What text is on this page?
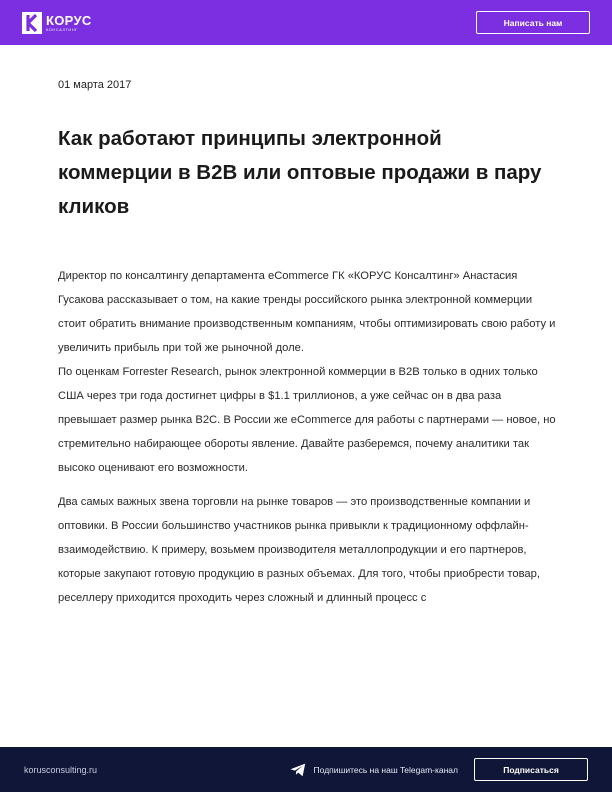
КОРУС
КОНСАЛТИНГ
Написать нам
01 марта 2017
Как работают принципы электронной коммерции в B2B или оптовые продажи в пару кликов

Директор по консалтингу департамента eCommerce ГК «КОРУС Консалтинг» Анастасия Гусакова рассказывает о том, на какие тренды российского рынка электронной коммерции стоит обратить внимание производственным компаниям, чтобы оптимизировать свою работу и увеличить прибыль при той же рыночной доле.

По оценкам Forrester Research, рынок электронной коммерции в B2B только в одних только США через три года достигнет цифры в $1.1 триллионов, а уже сейчас он в два раза превышает размер рынка B2C. В России же eCommerce для работы с партнерами — новое, но стремительно набирающее обороты явление. Давайте разберемся, почему аналитики так высоко оценивают его возможности.

Два самых важных звена торговли на рынке товаров — это производственные компании и оптовики. В России большинство участников рынка привыкли к традиционному оффлайн-взаимодействию. К примеру, возьмем производителя металлопродукции и его партнеров, которые закупают готовую продукцию в разных объемах. Для того, чтобы приобрести товар, реселлеру приходится проходить через сложный и длинный процесс с

korusconsulting.ru	Подпишитесь на наш Telegam-канал	Подписаться
